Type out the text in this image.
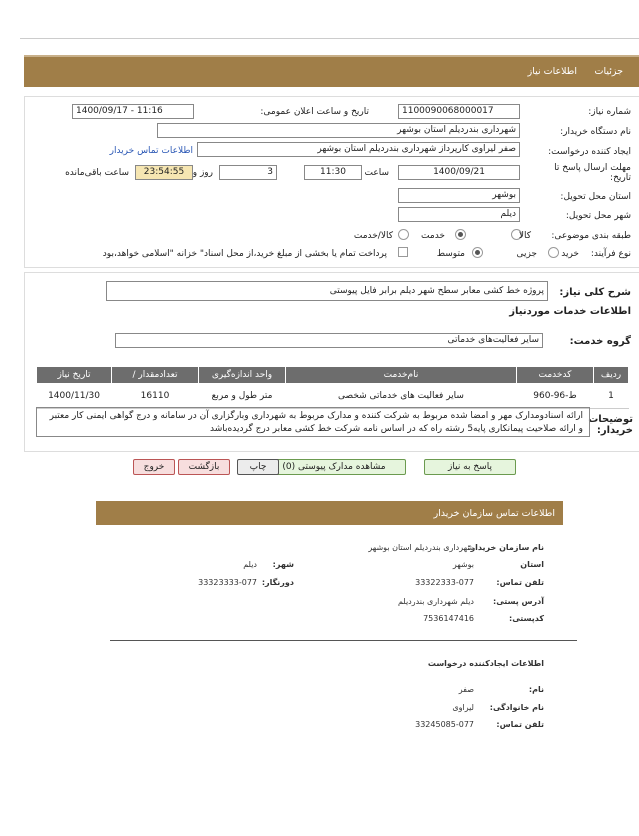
جزئیات
اطلاعات نیاز
شماره نیاز:
1100090068000017
تاریخ و ساعت اعلان عمومی:
1400/09/17 - 11:16
نام دستگاه خریدار:
شهرداری بندردیلم استان بوشهر
ایجاد کننده درخواست:
صفر لیراوی کارپرداز شهرداری بندردیلم استان بوشهر
اطلاعات تماس خریدار
مهلت ارسال پاسخ تا تاریخ:
1400/09/21
ساعت
11:30
3
روز و
23:54:55
ساعت باقی‌مانده
استان محل تحویل:
بوشهر
شهر محل تحویل:
دیلم
طبقه بندی موضوعی:
کالا
خدمت
کالا/خدمت
نوع فرآیند:
خرید
جزیی
متوسط
پرداخت تمام یا بخشی از مبلغ خرید،از محل اسناد" خزانه "اسلامی خواهد،بود
شرح کلی نیاز:
پروژه خط کشی معابر سطح شهر دیلم برابر فایل پیوستی
اطلاعات خدمات موردنیاز
گروه خدمت:
سایر فعالیت‌های خدماتی
ردیف	کدخدمت	نام‌خدمت	واحد اندازه‌گیری	تعداد‌مقدار /	تاریخ نیاز
1	ط-96-960	سایر فعالیت های خدماتی شخصی	متر طول و مربع	16110	1400/11/30
توضیحات خریدار:
ارائه اسنادومدارک مهر و امضا شده مربوط به شرکت کننده و مدارک مربوط به شهرداری وبارگزاری آن در سامانه و درج گواهی ایمنی کار معتبر و ارائه صلاحیت پیمانکاری پایه5 رشته راه که در اساس نامه شرکت خط کشی معابر درج گردیده‌باشد
پاسخ به نیاز
مشاهده مدارک پیوستی (0)
چاپ
بازگشت
خروج
اطلاعات تماس سازمان خریدار
نام سازمان خریدار:
شهرداری بندردیلم استان بوشهر
استان
بوشهر
شهر:
دیلم
تلفن تماس:
33322333-077
دورنگار:
33323333-077
آدرس پستی:
دیلم شهرداری بندردیلم
کدپستی:
7536147416
اطلاعات ایجادکننده درخواست
نام:
صفر
نام خانوادگی:
لیراوی
تلفن تماس:
33245085-077
